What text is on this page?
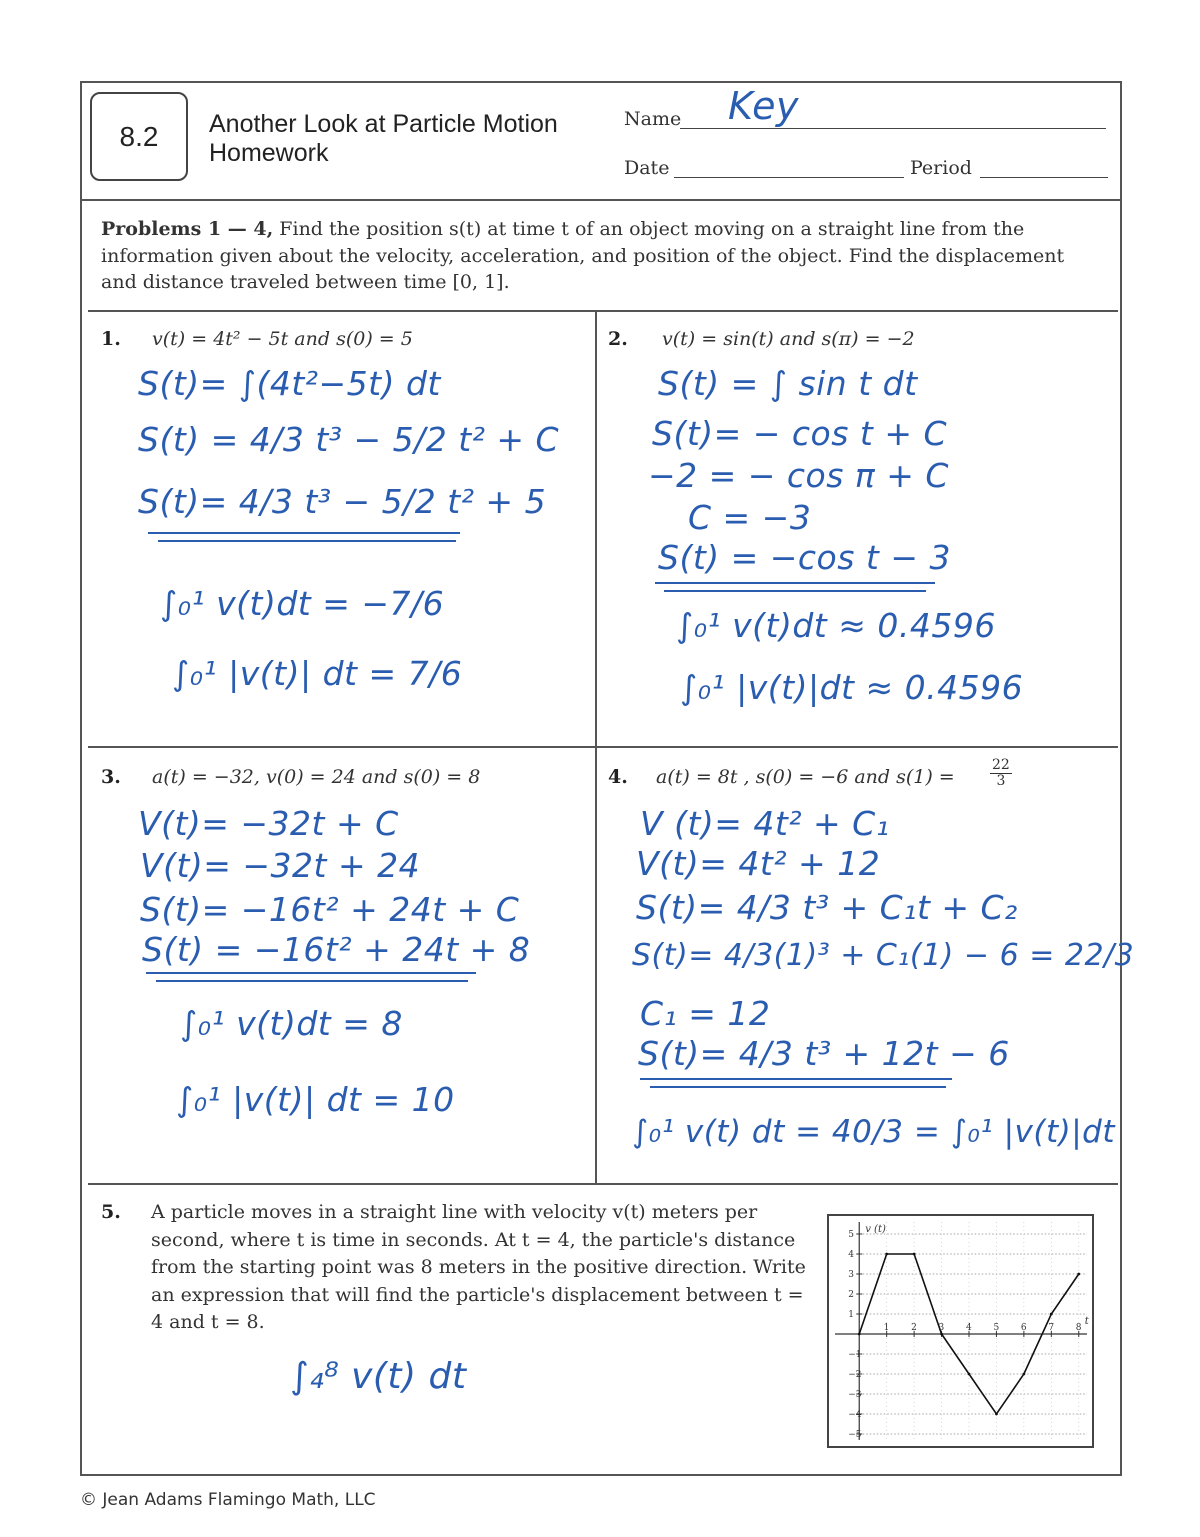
8.2 Another Look at Particle Motion
Homework
Name Key
Date	Period
Problems 1 — 4, Find the position s(t) at time t of an object moving on a straight line from the information given about the velocity, acceleration, and position of the object. Find the displacement and distance traveled between time [0, 1].
1. v(t) = 4t² − 5t and s(0) = 5
S(t)= ∫(4t²−5t) dt
S(t) = 4/3 t³ − 5/2 t² + C
S(t)= 4/3 t³ − 5/2 t² + 5
∫₀¹ v(t)dt = −7/6
∫₀¹ |v(t)| dt = 7/6
2. v(t) = sin(t) and s(π) = −2
S(t) = ∫ sin t dt
S(t)= − cos t + C
−2 = − cos π + C
C = −3
S(t) = −cos t − 3
∫₀¹ v(t)dt ≈ 0.4596
∫₀¹ |v(t)|dt ≈ 0.4596
3. a(t) = −32, v(0) = 24 and s(0) = 8
V(t)= −32t + C
V(t)= −32t + 24
S(t)= −16t² + 24t + C
S(t) = −16t² + 24t + 8
∫₀¹ v(t)dt = 8
∫₀¹ |v(t)| dt = 10
4. a(t) = 8t , s(0) = −6 and s(1) =	$\frac{22}{3}$
V (t)= 4t² + C₁
V(t)= 4t² + 12
S(t)= 4/3 t³ + C₁t + C₂
S(t)= 4/3(1)³ + C₁(1) − 6 = 22/3
C₁ = 12
S(t)= 4/3 t³ + 12t − 6
∫₀¹ v(t) dt = 40/3 = ∫₀¹ |v(t)|dt
5. A particle moves in a straight line with velocity v(t) meters per second, where t is time in seconds. At t = 4, the particle's distance from the starting point was 8 meters in the positive direction. Write an expression that will find the particle's displacement between t = 4 and t = 8.
∫₄⁸ v(t) dt
1 2 3 4 5 6 7 8
5
4
3
2
1
−1
−2
−3
−4
−5
v (t)
t
© Jean Adams Flamingo Math, LLC
